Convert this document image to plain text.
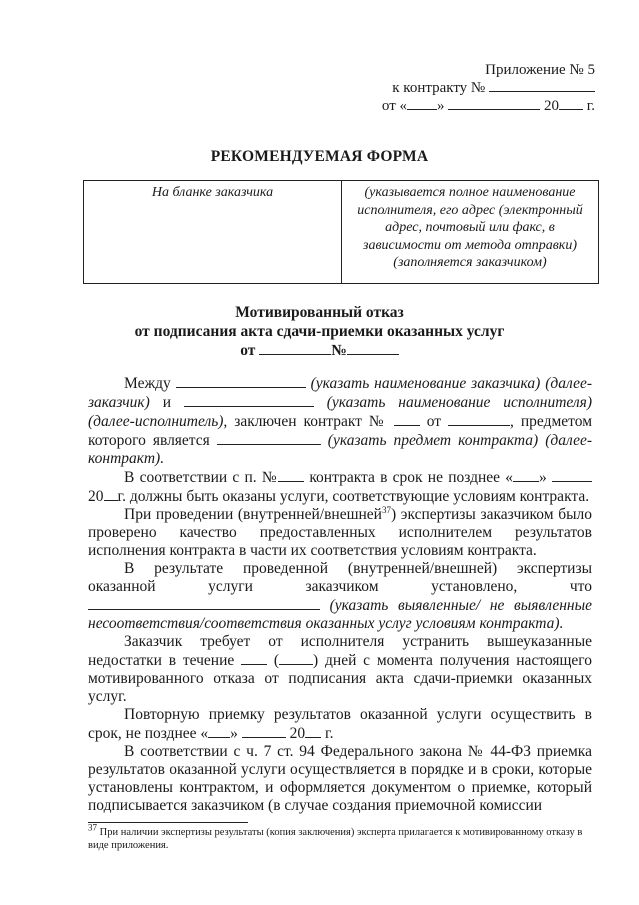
Приложение № 5
к контракту №
от « »	20 г.
РЕКОМЕНДУЕМАЯ ФОРМА
На бланке заказчика	(указывается полное наименование исполнителя, его адрес (электронный адрес, почтовый или факс, в зависимости от метода отправки) (заполняется заказчиком)
Мотивированный отказ
от подписания акта сдачи-приемки оказанных услуг
от	№

Между	(указать наименование заказчика) (далее-заказчик) и	(указать наименование исполнителя) (далее-исполнитель), заключен контракт №	от	, предметом которого является	(указать предмет контракта) (далее-контракт).

В соответствии с п. № контракта в срок не позднее « »  20 г. должны быть оказаны услуги, соответствующие условиям контракта.

При проведении (внутренней/внешней$^{37}$) экспертизы заказчиком было проверено качество предоставленных исполнителем результатов исполнения контракта в части их соответствия условиям контракта.

В результате проведенной (внутренней/внешней) экспертизы оказанной услуги заказчиком установлено, что  (указать выявленные/ не выявленные несоответствия/соответствия оказанных услуг условиям контракта).

Заказчик требует от исполнителя устранить вышеуказанные недостатки в течение	( ) дней с момента получения настоящего мотивированного отказа от подписания акта сдачи-приемки оказанных услуг.

Повторную приемку результатов оказанной услуги осуществить в срок, не позднее « »	20 г.

В соответствии с ч. 7 ст. 94 Федерального закона № 44-ФЗ приемка результатов оказанной услуги осуществляется в порядке и в сроки, которые установлены контрактом, и оформляется документом о приемке, который подписывается заказчиком (в случае создания приемочной комиссии

$^{37}$ При наличии экспертизы результаты (копия заключения) эксперта прилагается к мотивированному отказу в виде приложения.
